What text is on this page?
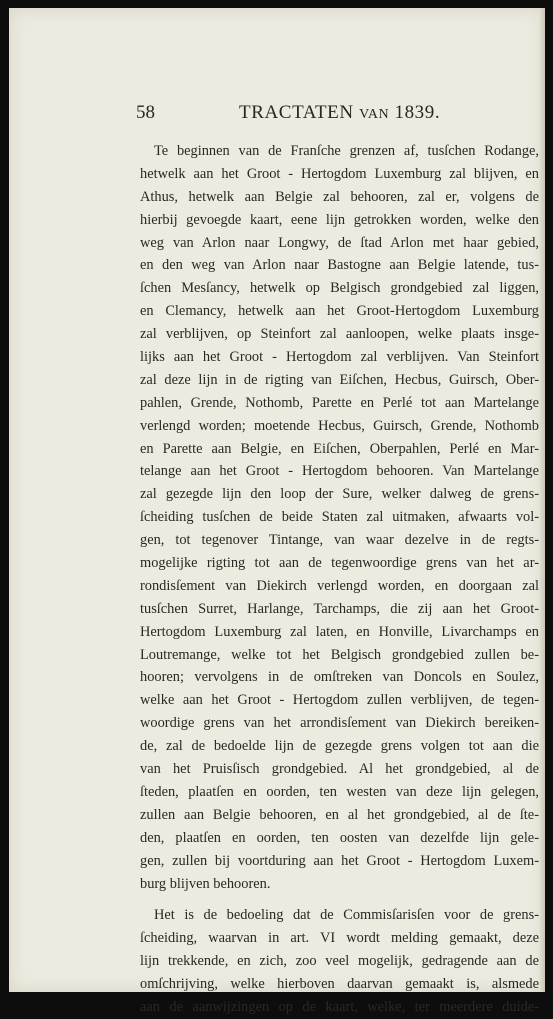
58	TRACTATEN VAN 1839.
Te beginnen van de Franſche grenzen af, tusſchen Rodange,
hetwelk aan het Groot - Hertogdom Luxemburg zal blijven, en
Athus, hetwelk aan Belgie zal behooren, zal er, volgens de
hierbij gevoegde kaart, eene lijn getrokken worden, welke den
weg van Arlon naar Longwy, de ſtad Arlon met haar gebied,
en den weg van Arlon naar Bastogne aan Belgie latende, tus-
ſchen Mesſancy, hetwelk op Belgisch grondgebied zal liggen,
en Clemancy, hetwelk aan het Groot-Hertogdom Luxemburg
zal verblijven, op Steinfort zal aanloopen, welke plaats insge-
lijks aan het Groot - Hertogdom zal verblijven. Van Steinfort
zal deze lijn in de rigting van Eiſchen, Hecbus, Guirsch, Ober-
pahlen, Grende, Nothomb, Parette en Perlé tot aan Martelange
verlengd worden; moetende Hecbus, Guirsch, Grende, Nothomb
en Parette aan Belgie, en Eiſchen, Oberpahlen, Perlé en Mar-
telange aan het Groot - Hertogdom behooren. Van Martelange
zal gezegde lijn den loop der Sure, welker dalweg de grens-
ſcheiding tusſchen de beide Staten zal uitmaken, afwaarts vol-
gen, tot tegenover Tintange, van waar dezelve in de regts-
mogelijke rigting tot aan de tegenwoordige grens van het ar-
rondisſement van Diekirch verlengd worden, en doorgaan zal
tusſchen Surret, Harlange, Tarchamps, die zij aan het Groot-
Hertogdom Luxemburg zal laten, en Honville, Livarchamps en
Loutremange, welke tot het Belgisch grondgebied zullen be-
hooren; vervolgens in de omſtreken van Doncols en Soulez,
welke aan het Groot - Hertogdom zullen verblijven, de tegen-
woordige grens van het arrondisſement van Diekirch bereiken-
de, zal de bedoelde lijn de gezegde grens volgen tot aan die
van het Pruisſisch grondgebied. Al het grondgebied, al de
ſteden, plaatſen en oorden, ten westen van deze lijn gelegen,
zullen aan Belgie behooren, en al het grondgebied, al de ſte-
den, plaatſen en oorden, ten oosten van dezelfde lijn gele-
gen, zullen bij voortduring aan het Groot - Hertogdom Luxem-
burg blijven behooren.
Het is de bedoeling dat de Commisſarisſen voor de grens-
ſcheiding, waarvan in art. VI wordt melding gemaakt, deze
lijn trekkende, en zich, zoo veel mogelijk, gedragende aan de
omſchrijving, welke hierboven daarvan gemaakt is, alsmede
aan de aanwijzingen op de kaart, welke, ter meerdere duide-
